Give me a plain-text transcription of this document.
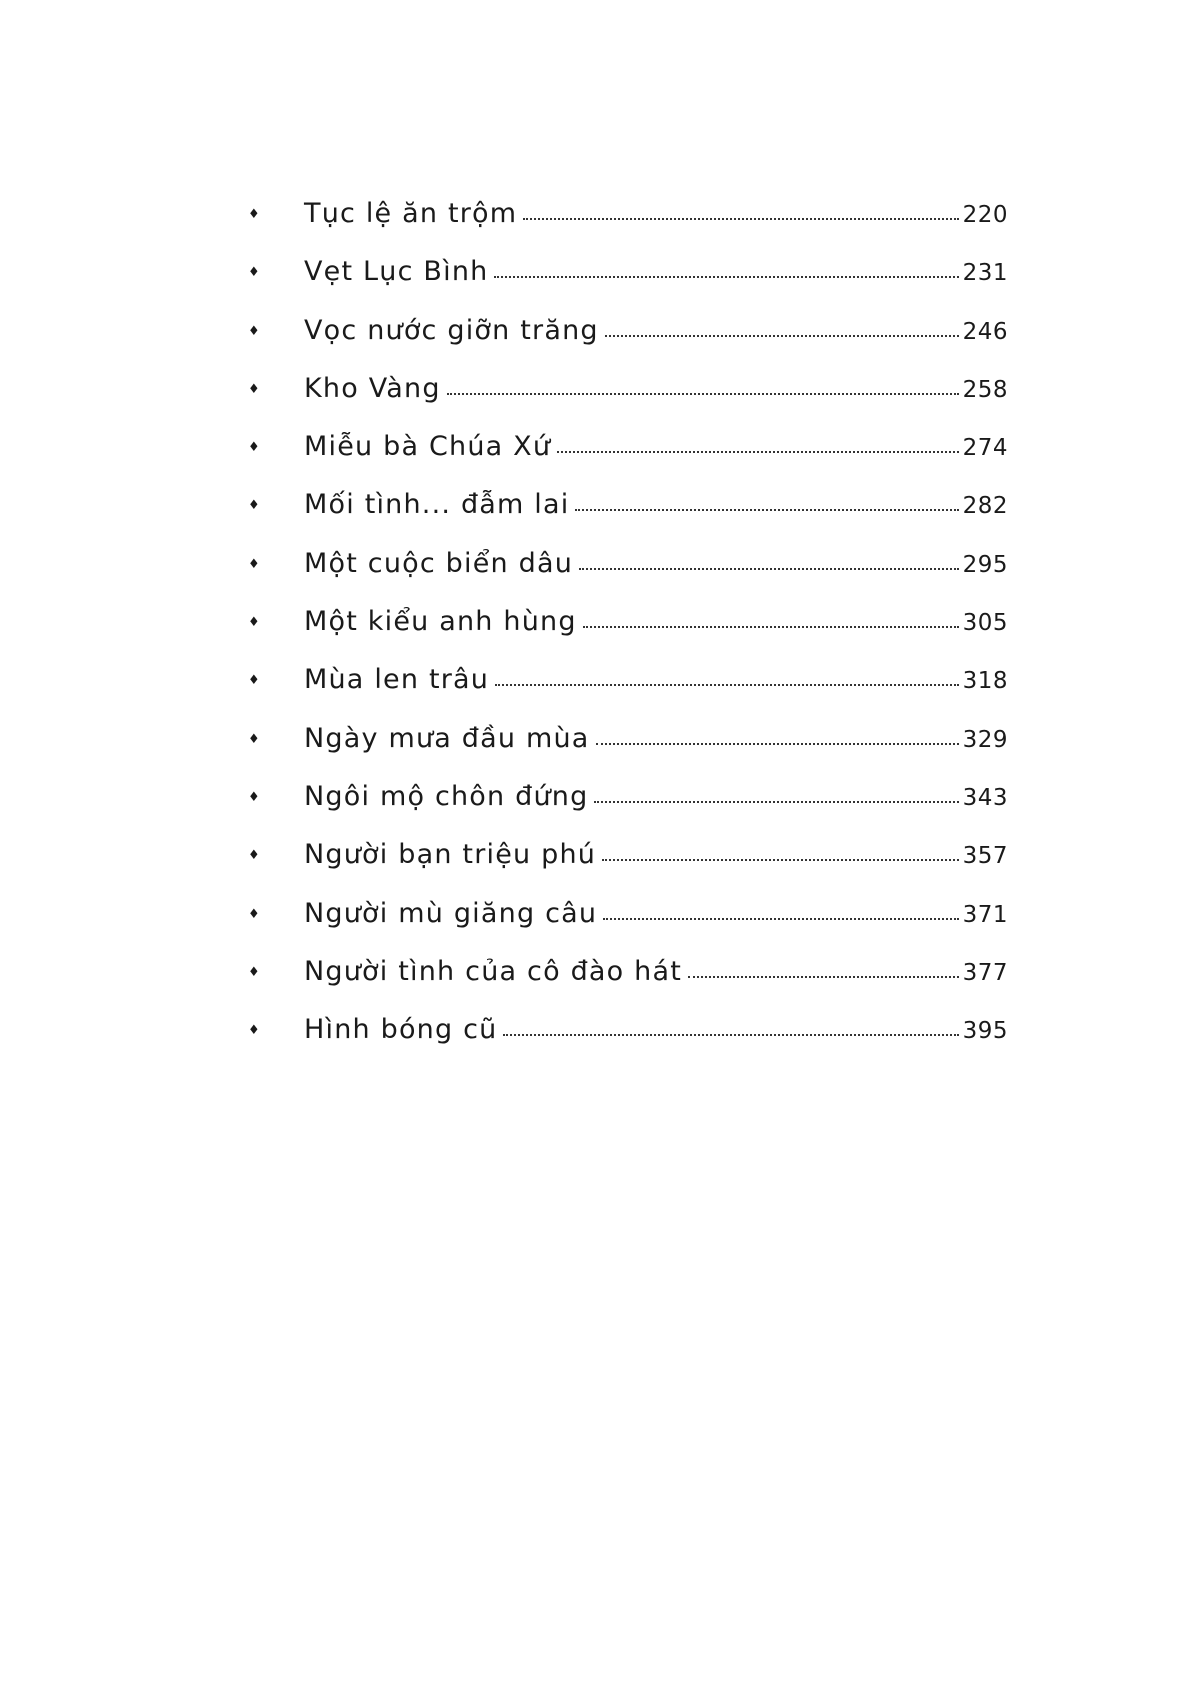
♦	Tục lệ ăn trộm	220
♦	Vẹt Lục Bình	231
♦	Vọc nước giỡn trăng	246
♦	Kho Vàng	258
♦	Miễu bà Chúa Xứ	274
♦	Mối tình... đẫm lai	282
♦	Một cuộc biển dâu	295
♦	Một kiểu anh hùng	305
♦	Mùa len trâu	318
♦	Ngày mưa đầu mùa	329
♦	Ngôi mộ chôn đứng	343
♦	Người bạn triệu phú	357
♦	Người mù giăng câu	371
♦	Người tình của cô đào hát	377
♦	Hình bóng cũ	395
